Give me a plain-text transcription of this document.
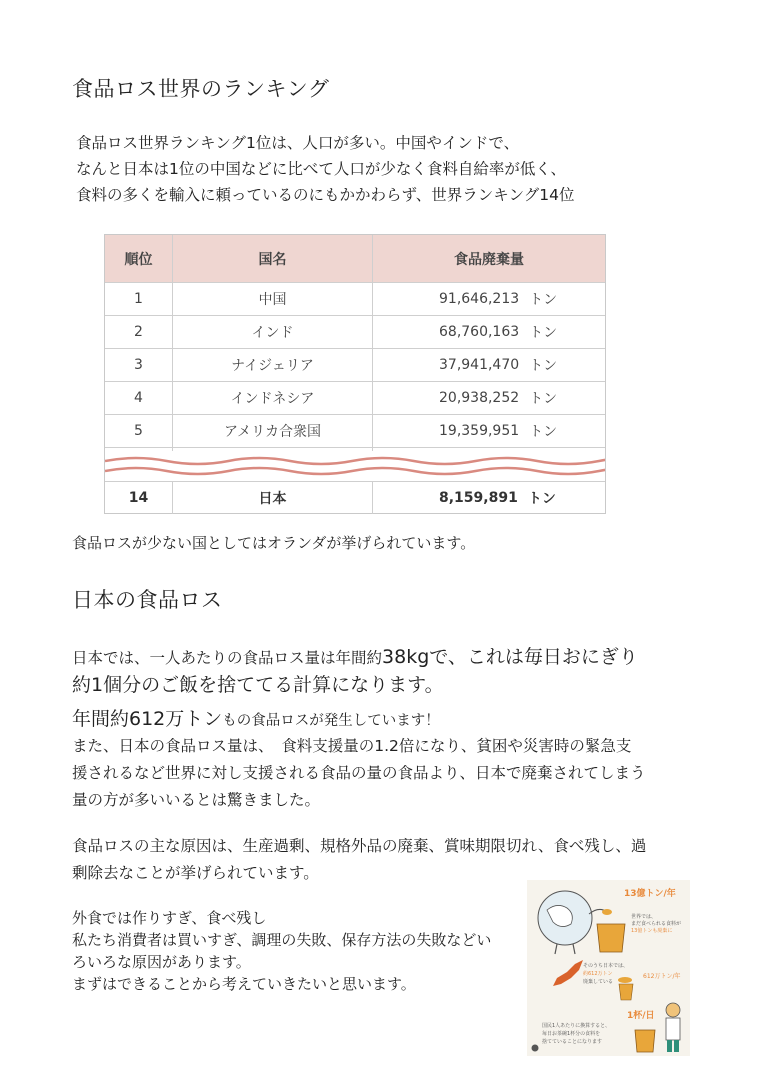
食品ロス世界のランキング
食品ロス世界ランキング1位は、人口が多い。中国やインドで、
なんと日本は1位の中国などに比べて人口が少なく食料自給率が低く、
食料の多くを輸入に頼っているのにもかかわらず、世界ランキング14位
順位	国名	食品廃棄量
1	中国	91,646,213 トン
2	インド	68,760,163 トン
3	ナイジェリア	37,941,470 トン
4	インドネシア	20,938,252 トン
5	アメリカ合衆国	19,359,951 トン
14	日本	8,159,891 トン
食品ロスが少ない国としてはオランダが挙げられています。
日本の食品ロス
日本では、一人あたりの食品ロス量は年間約38kgで、これは毎日おにぎり
約1個分のご飯を捨ててる計算になります。
年間約612万トンもの食品ロスが発生しています！
また、日本の食品ロス量は、　食料支援量の1.2倍になり、貧困や災害時の緊急支
援されるなど世界に対し支援される食品の量の食品より、日本で廃棄されてしまう
量の方が多いいるとは驚きました。
食品ロスの主な原因は、生産過剰、規格外品の廃棄、賞味期限切れ、食べ残し、過
剰除去なことが挙げられています。
外食では作りすぎ、食べ残し
私たち消費者は買いすぎ、調理の失敗、保存方法の失敗などい
ろいろな原因があります。
まずはできることから考えていきたいと思います。
13億トン/年
世界では、
まだ食べられる食料が
13億トンも廃棄に
そのうち日本では、
約612万トン
廃棄している
612万トン/年
1杯/日
国民1人あたりに換算すると、
毎日お茶碗1杯分の食料を
捨てていることになります
